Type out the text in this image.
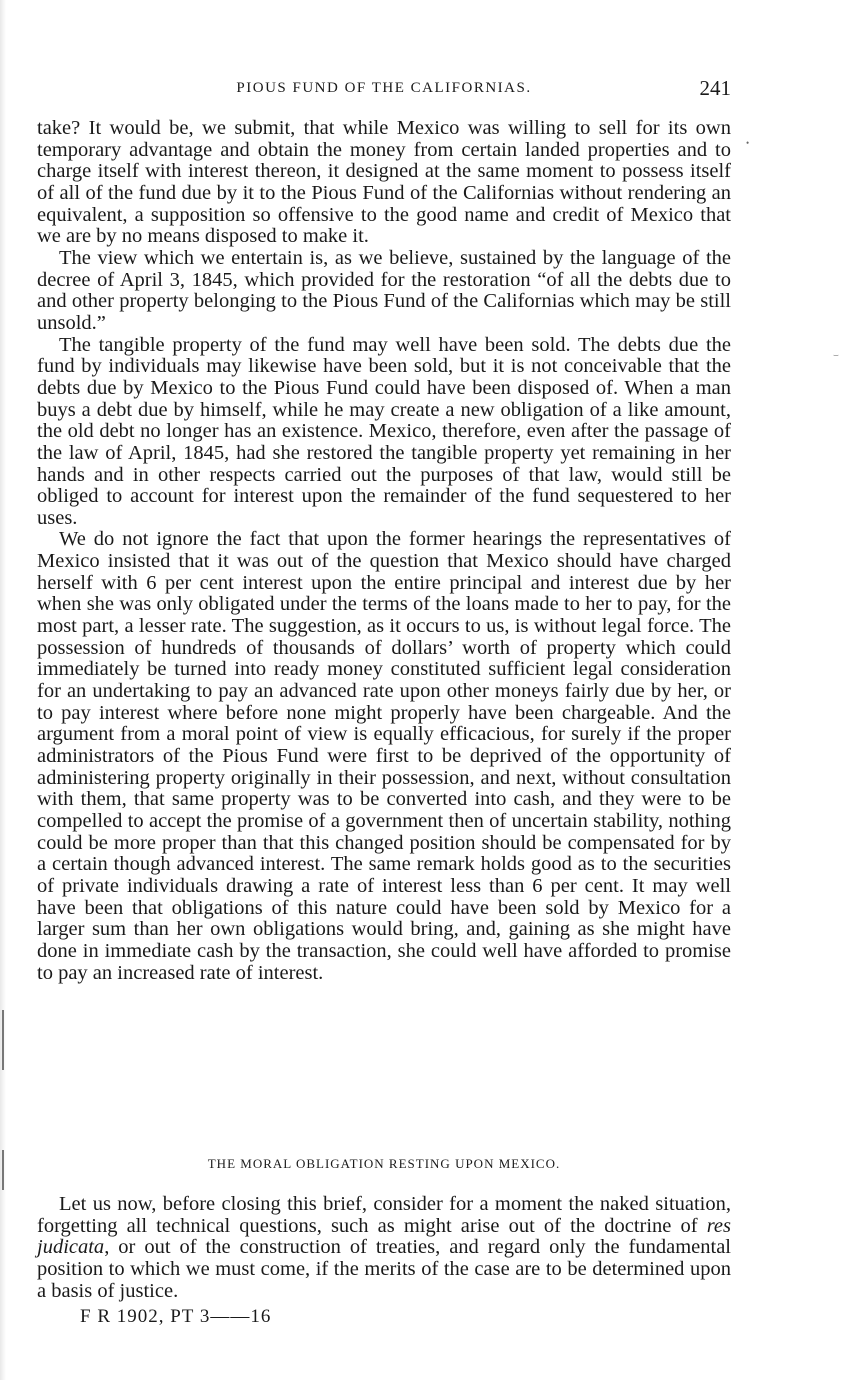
•
⌣
PIOUS FUND OF THE CALIFORNIAS.	241

take? It would be, we submit, that while Mexico was willing to sell for its own temporary advantage and obtain the money from certain landed properties and to charge itself with interest thereon, it designed at the same moment to possess itself of all of the fund due by it to the Pious Fund of the Californias without rendering an equivalent, a supposition so offensive to the good name and credit of Mexico that we are by no means disposed to make it.

The view which we entertain is, as we believe, sustained by the language of the decree of April 3, 1845, which provided for the restoration “of all the debts due to and other property belonging to the Pious Fund of the Californias which may be still unsold.”

The tangible property of the fund may well have been sold. The debts due the fund by individuals may likewise have been sold, but it is not conceivable that the debts due by Mexico to the Pious Fund could have been disposed of. When a man buys a debt due by himself, while he may create a new obligation of a like amount, the old debt no longer has an existence. Mexico, therefore, even after the passage of the law of April, 1845, had she restored the tangible property yet remaining in her hands and in other respects carried out the purposes of that law, would still be obliged to account for interest upon the remainder of the fund sequestered to her uses.

We do not ignore the fact that upon the former hearings the representatives of Mexico insisted that it was out of the question that Mexico should have charged herself with 6 per cent interest upon the entire principal and interest due by her when she was only obligated under the terms of the loans made to her to pay, for the most part, a lesser rate. The suggestion, as it occurs to us, is without legal force. The possession of hundreds of thousands of dollars’ worth of property which could immediately be turned into ready money constituted sufficient legal consideration for an undertaking to pay an advanced rate upon other moneys fairly due by her, or to pay interest where before none might properly have been chargeable. And the argument from a moral point of view is equally efficacious, for surely if the proper administrators of the Pious Fund were first to be deprived of the opportunity of administering property originally in their possession, and next, without consultation with them, that same property was to be converted into cash, and they were to be compelled to accept the promise of a government then of uncertain stability, nothing could be more proper than that this changed position should be compensated for by a certain though advanced interest. The same remark holds good as to the securities of private individuals drawing a rate of interest less than 6 per cent. It may well have been that obligations of this nature could have been sold by Mexico for a larger sum than her own obligations would bring, and, gaining as she might have done in immediate cash by the transaction, she could well have afforded to promise to pay an increased rate of interest.

THE MORAL OBLIGATION RESTING UPON MEXICO.

Let us now, before closing this brief, consider for a moment the naked situation, forgetting all technical questions, such as might arise out of the doctrine of res judicata, or out of the construction of treaties, and regard only the fundamental position to which we must come, if the merits of the case are to be determined upon a basis of justice.

F R 1902, PT 3——16
